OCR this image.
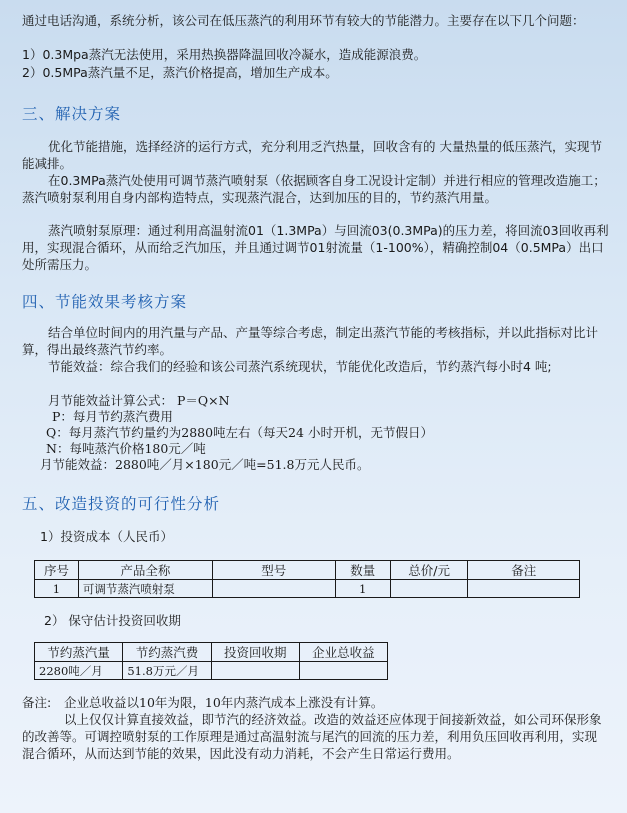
通过电话沟通，系统分析，该公司在低压蒸汽的利用环节有较大的节能潜力。主要存在以下几个问题：

1）0.3Mpa蒸汽无法使用，采用热换器降温回收冷凝水，造成能源浪费。

2）0.5MPa蒸汽量不足，蒸汽价格提高，增加生产成本。

三、解决方案

优化节能措施，选择经济的运行方式，充分利用乏汽热量，回收含有的 大量热量的低压蒸汽，实现节能减排。

在0.3MPa蒸汽处使用可调节蒸汽喷射泵（依据顾客自身工况设计定制）并进行相应的管理改造施工；蒸汽喷射泵利用自身内部构造特点，实现蒸汽混合，达到加压的目的，节约蒸汽用量。

蒸汽喷射泵原理：通过利用高温射流01（1.3MPa）与回流03(0.3MPa)的压力差，将回流03回收再利用，实现混合循环，从而给乏汽加压，并且通过调节01射流量（1-100%），精确控制04（0.5MPa）出口处所需压力。

四、节能效果考核方案

结合单位时间内的用汽量与产品、产量等综合考虑，制定出蒸汽节能的考核指标，并以此指标对比计算，得出最终蒸汽节约率。

节能效益：综合我们的经验和该公司蒸汽系统现状，节能优化改造后，节约蒸汽每小时4 吨;

月节能效益计算公式： P＝Q×N

P：每月节约蒸汽费用

Q：每月蒸汽节约量约为2880吨左右（每天24 小时开机，无节假日）

N：每吨蒸汽价格180元／吨

月节能效益：2880吨／月×180元／吨=51.8万元人民币。

五、改造投资的可行性分析

1）投资成本（人民币）

序号	产品全称	型号	数量	总价/元	备注
1	可调节蒸汽喷射泵		1		

2） 保守估计投资回收期

节约蒸汽量	节约蒸汽费	投资回收期	企业总收益
2280吨／月	51.8万元／月		

备注:	企业总收益以10年为限，10年内蒸汽成本上涨没有计算。

以上仅仅计算直接效益，即节汽的经济效益。改造的效益还应体现于间接新效益，如公司环保形象的改善等。可调控喷射泵的工作原理是通过高温射流与尾汽的回流的压力差，利用负压回收再利用，实现混合循环，从而达到节能的效果，因此没有动力消耗，不会产生日常运行费用。
